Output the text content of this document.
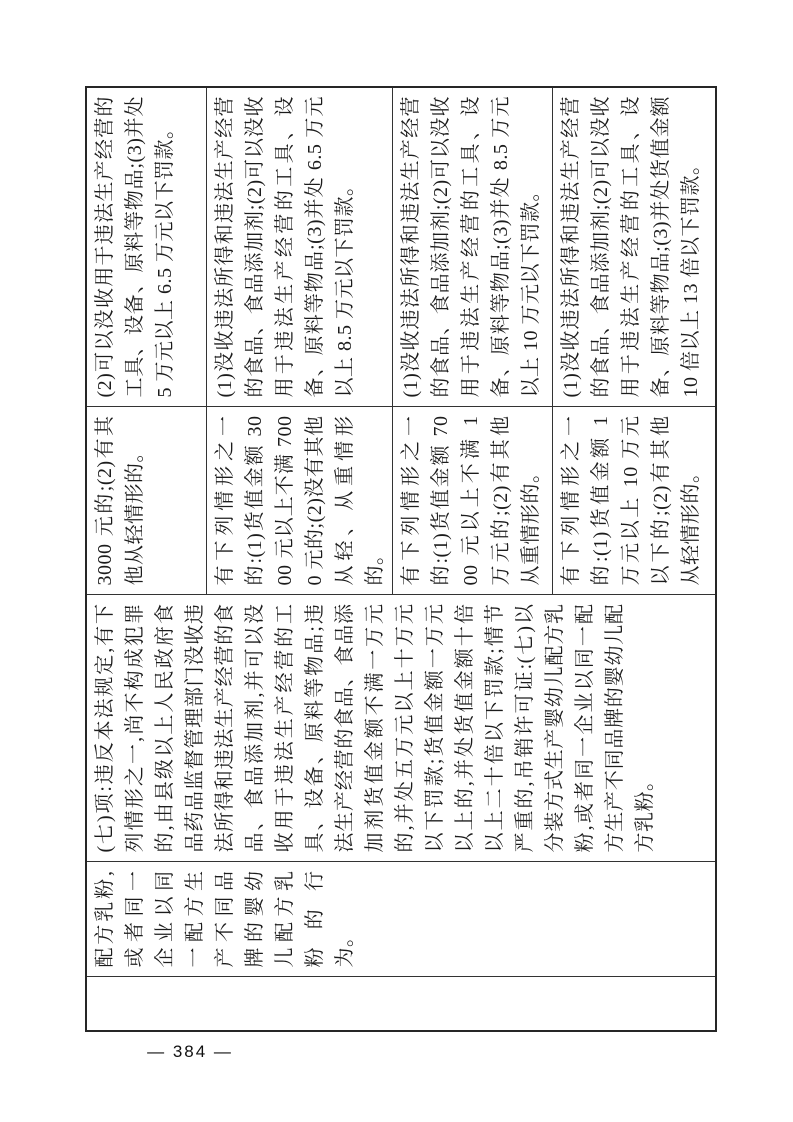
	配方乳粉,或者同一企业以同一配方生产不同品牌的婴幼儿配方乳粉的行为。	(七)项:违反本法规定,有下列情形之一,尚不构成犯罪的,由县级以上人民政府食品药品监督管理部门没收违法所得和违法生产经营的食品、食品添加剂,并可以没收用于违法生产经营的工具、设备、原料等物品;违法生产经营的食品、食品添加剂货值金额不满一万元的,并处五万元以上十万元以下罚款;货值金额一万元以上的,并处货值金额十倍以上二十倍以下罚款;情节严重的,吊销许可证:(七)以分装方式生产婴幼儿配方乳粉,或者同一企业以同一配方生产不同品牌的婴幼儿配方乳粉。	3000 元的;(2)有其他从轻情形的。	(2)可以没收用于违法生产经营的工具、设备、原料等物品;(3)并处 5 万元以上 6.5 万元以下罚款。
			有下列情形之一的:(1)货值金额 3000 元以上不满 7000 元的;(2)没有其他从轻、从重情形的。	(1)没收违法所得和违法生产经营的食品、食品添加剂;(2)可以没收用于违法生产经营的工具、设备、原料等物品;(3)并处 6.5 万元以上 8.5 万元以下罚款。
			有下列情形之一的:(1)货值金额 7000 元以上不满 1 万元的;(2)有其他从重情形的。	(1)没收违法所得和违法生产经营的食品、食品添加剂;(2)可以没收用于违法生产经营的工具、设备、原料等物品;(3)并处 8.5 万元以上 10 万元以下罚款。
			有下列情形之一的:(1)货值金额 1 万元以上 10 万元以下的;(2)有其他从轻情形的。	(1)没收违法所得和违法生产经营的食品、食品添加剂;(2)可以没收用于违法生产经营的工具、设备、原料等物品;(3)并处货值金额 10 倍以上 13 倍以下罚款。
— 384 —
